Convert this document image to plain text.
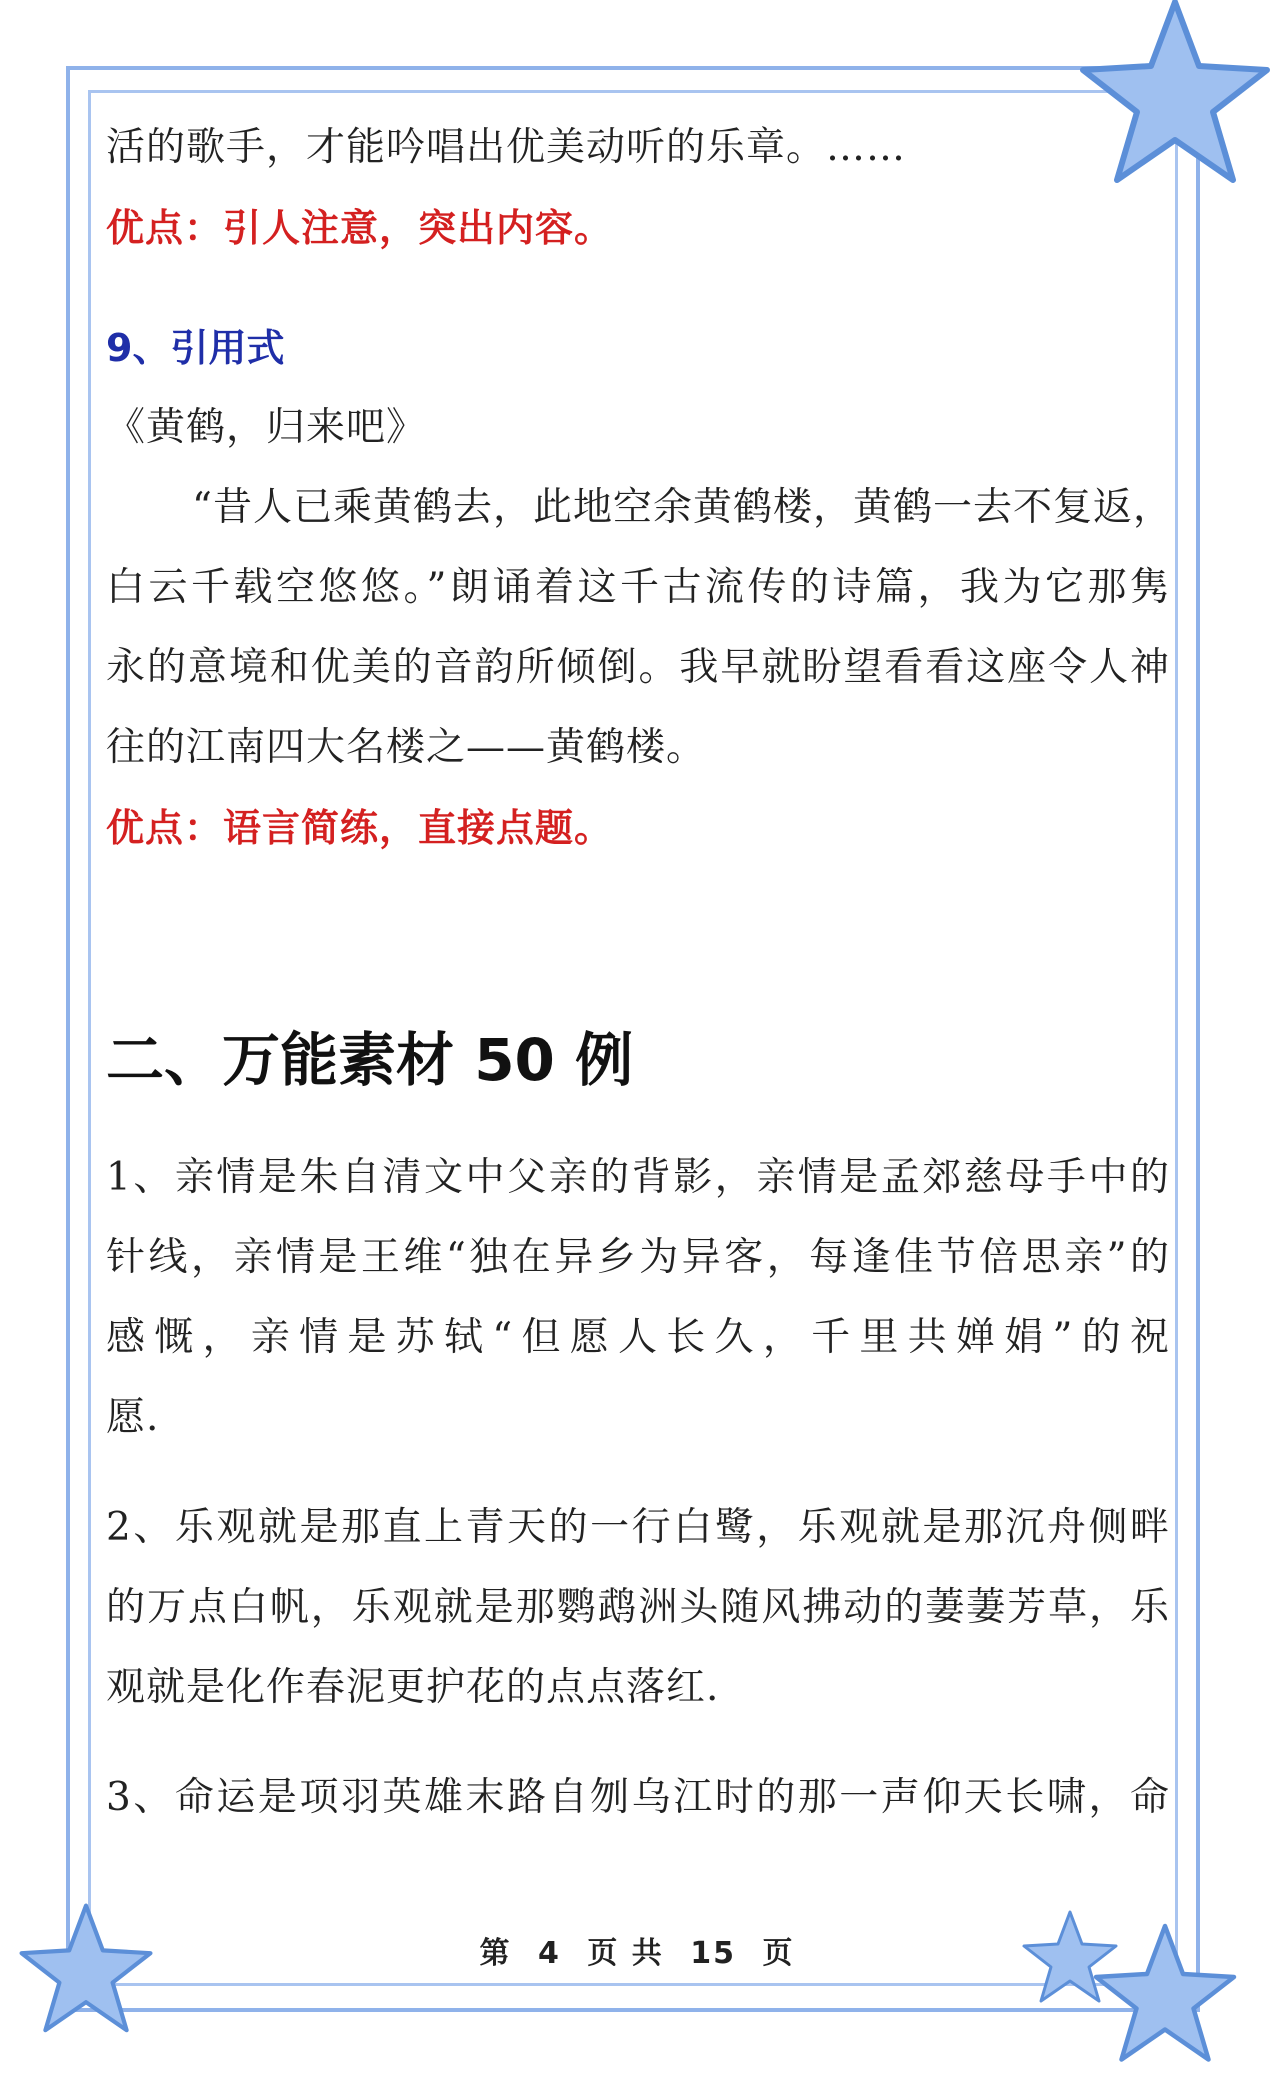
活的歌手，才能吟唱出优美动听的乐章。……
优点：引人注意，突出内容。
9、引用式
《黄鹤，归来吧》
“昔人已乘黄鹤去，此地空余黄鹤楼，黄鹤一去不复返，
白云千载空悠悠。”朗诵着这千古流传的诗篇，我为它那隽
永的意境和优美的音韵所倾倒。我早就盼望看看这座令人神
往的江南四大名楼之——黄鹤楼。
优点：语言简练，直接点题。
二、万能素材 50 例
1、亲情是朱自清文中父亲的背影，亲情是孟郊慈母手中的
针线，亲情是王维“独在异乡为异客，每逢佳节倍思亲”的
感慨，亲情是苏轼“但愿人长久，千里共婵娟”的祝
愿.
2、乐观就是那直上青天的一行白鹭，乐观就是那沉舟侧畔
的万点白帆，乐观就是那鹦鹉洲头随风拂动的萋萋芳草，乐
观就是化作春泥更护花的点点落红.
3、命运是项羽英雄末路自刎乌江时的那一声仰天长啸，命
第 4 页 共 15 页
